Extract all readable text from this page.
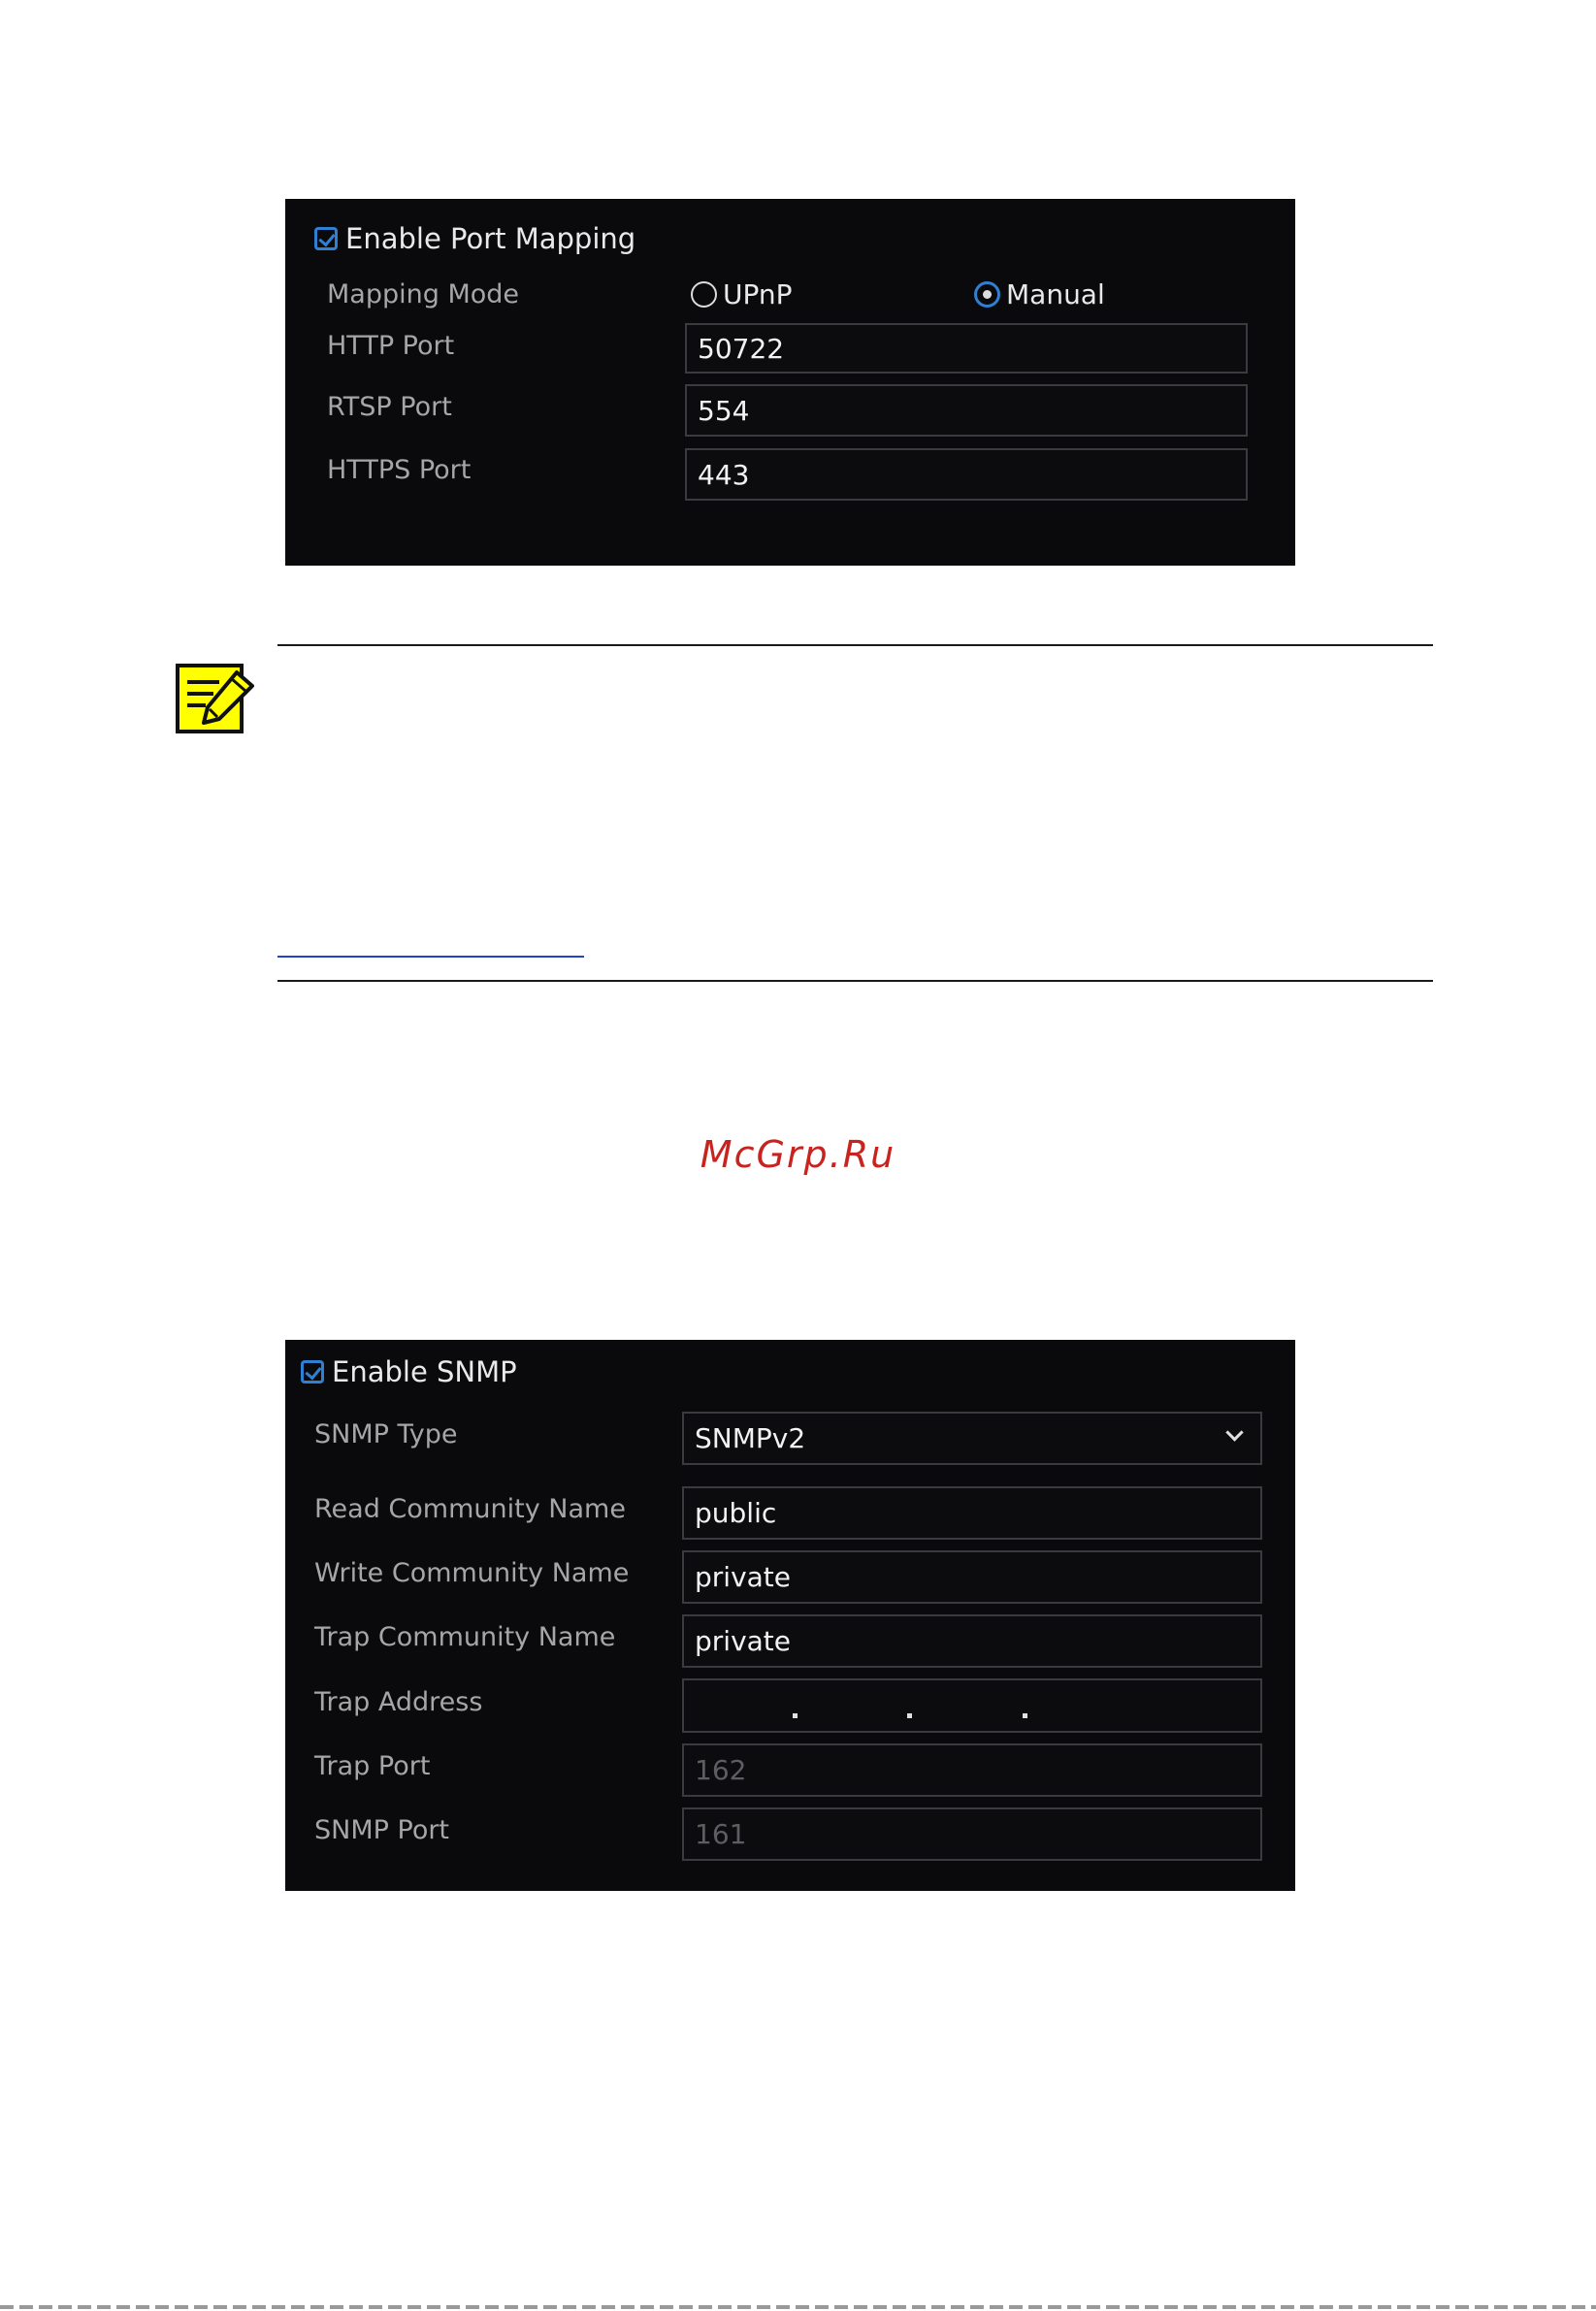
Enable Port Mapping
Mapping Mode	UPnP	Manual
HTTP Port	50722
RTSP Port	554
HTTPS Port	443
McGrp.Ru
Enable SNMP
SNMP Type	SNMPv2
Read Community Name	public
Write Community Name	private
Trap Community Name	private
Trap Address
Trap Port	162
SNMP Port	161
